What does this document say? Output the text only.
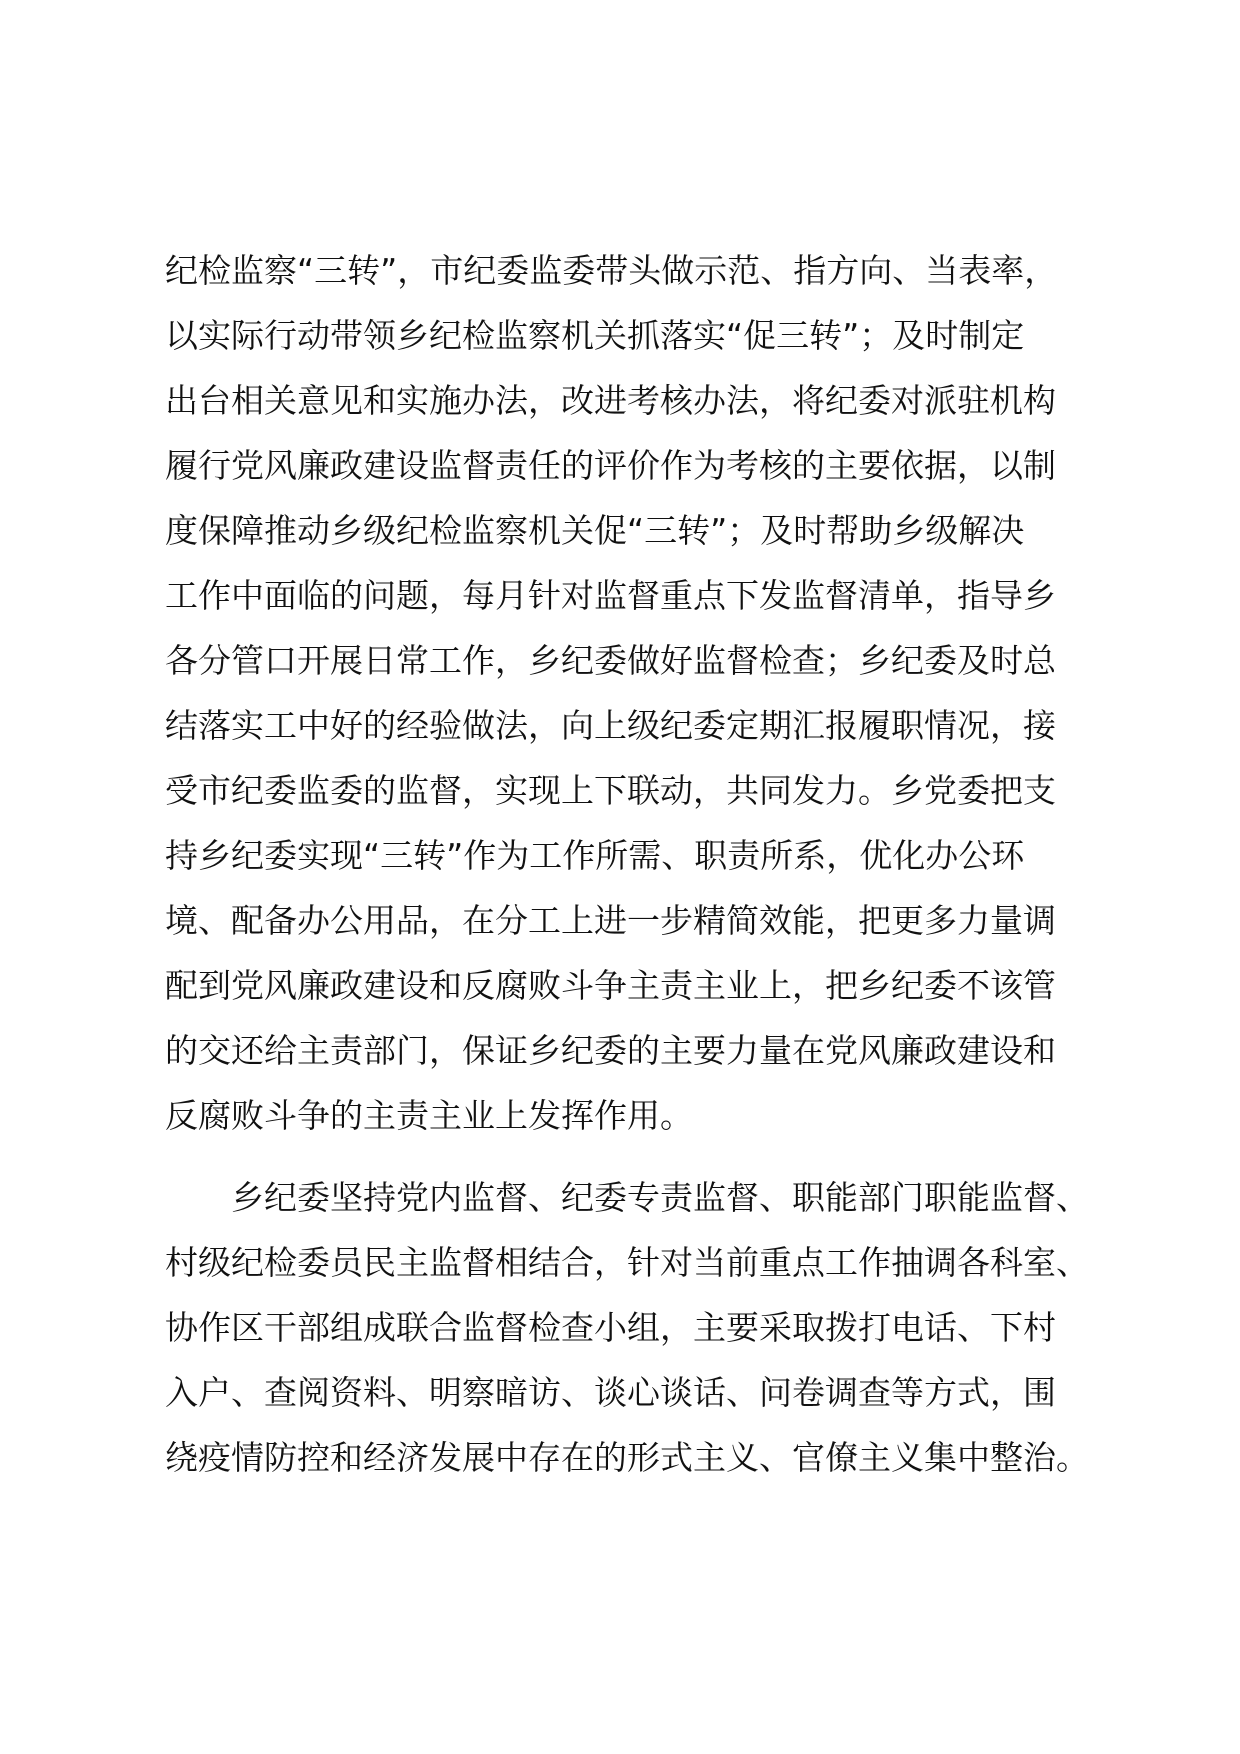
纪检监察“三转”，市纪委监委带头做示范、指方向、当表率，
以实际行动带领乡纪检监察机关抓落实“促三转”；及时制定
出台相关意见和实施办法，改进考核办法，将纪委对派驻机构
履行党风廉政建设监督责任的评价作为考核的主要依据，以制
度保障推动乡级纪检监察机关促“三转”；及时帮助乡级解决
工作中面临的问题，每月针对监督重点下发监督清单，指导乡
各分管口开展日常工作，乡纪委做好监督检查；乡纪委及时总
结落实工中好的经验做法，向上级纪委定期汇报履职情况，接
受市纪委监委的监督，实现上下联动，共同发力。乡党委把支
持乡纪委实现“三转”作为工作所需、职责所系，优化办公环
境、配备办公用品，在分工上进一步精简效能，把更多力量调
配到党风廉政建设和反腐败斗争主责主业上，把乡纪委不该管
的交还给主责部门，保证乡纪委的主要力量在党风廉政建设和
反腐败斗争的主责主业上发挥作用。
乡纪委坚持党内监督、纪委专责监督、职能部门职能监督、
村级纪检委员民主监督相结合，针对当前重点工作抽调各科室、
协作区干部组成联合监督检查小组，主要采取拨打电话、下村
入户、查阅资料、明察暗访、谈心谈话、问卷调查等方式，围
绕疫情防控和经济发展中存在的形式主义、官僚主义集中整治。
